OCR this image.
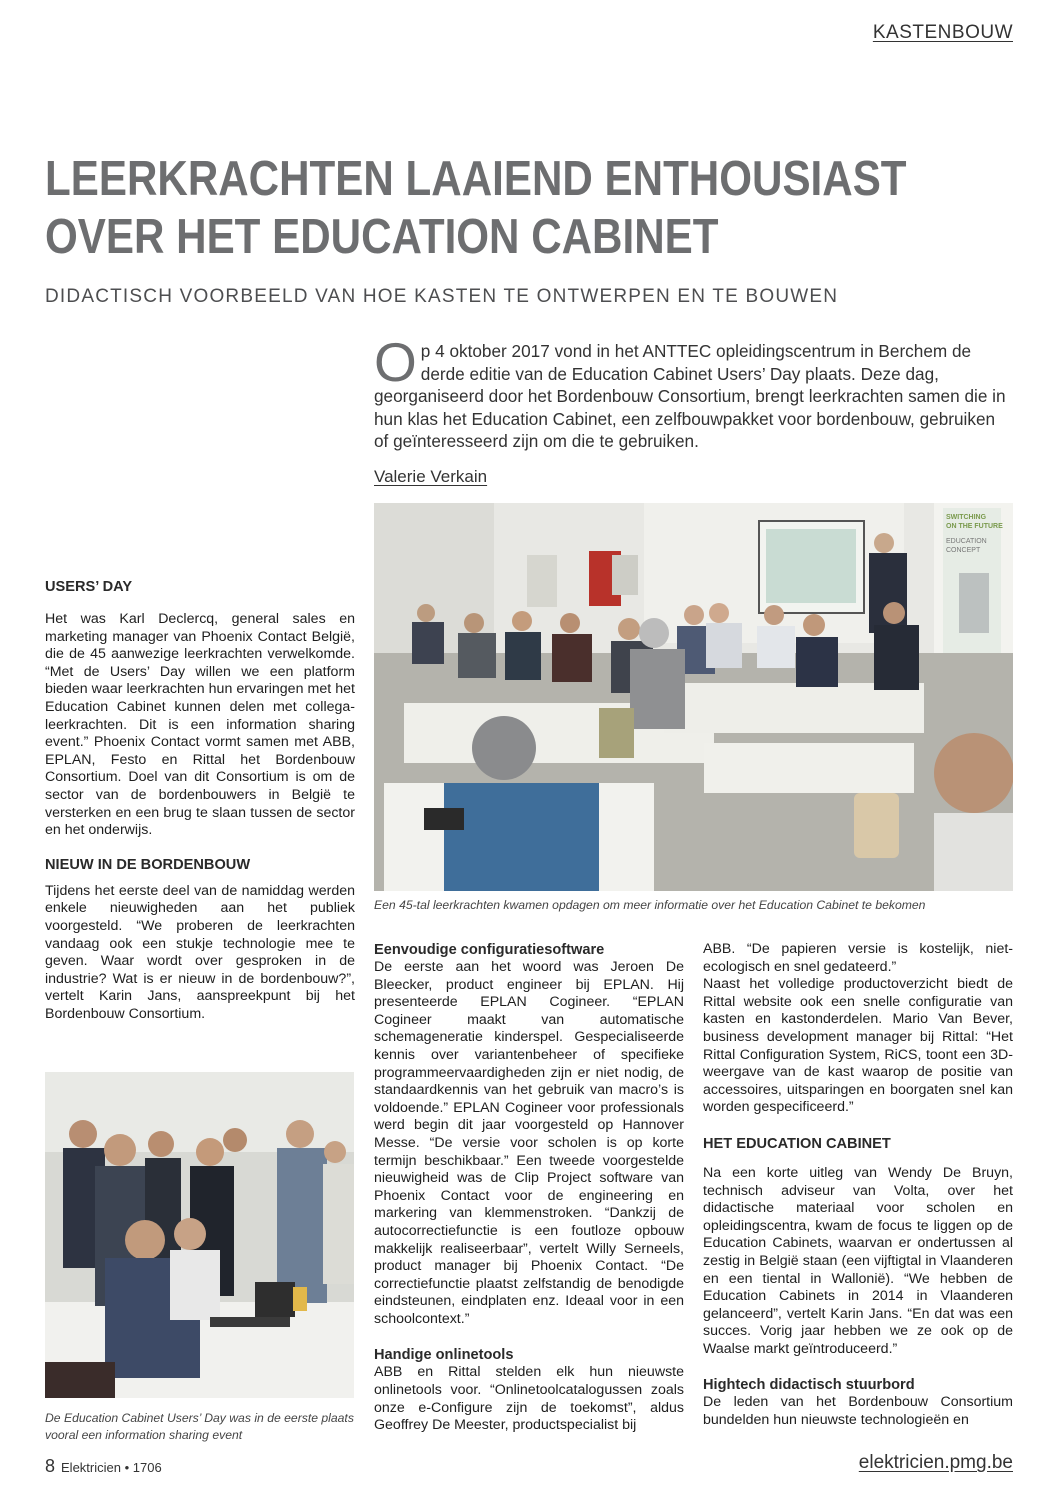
KASTENBOUW
LEERKRACHTEN LAAIEND ENTHOUSIAST
OVER HET EDUCATION CABINET
DIDACTISCH VOORBEELD VAN HOE KASTEN TE ONTWERPEN EN TE BOUWEN
Op 4 oktober 2017 vond in het ANTTEC opleidingscentrum in Berchem de derde editie van de Education Cabinet Users’ Day plaats. Deze dag, georganiseerd door het Bordenbouw Consortium, brengt leerkrachten samen die in hun klas het Education Cabinet, een zelfbouwpakket voor bordenbouw, gebruiken of geïnteresseerd zijn om die te gebruiken.
Valerie Verkain
SWITCHING
ON THE FUTURE
EDUCATION
CONCEPT
Een 45-tal leerkrachten kwamen opdagen om meer informatie over het Education Cabinet te bekomen
De Education Cabinet Users’ Day was in de eerste plaats vooral een information sharing event
USERS’ DAY

Het was Karl Declercq, general sales en marketing manager van Phoenix Contact België, die de 45 aanwezige leerkrachten verwelkomde. “Met de Users’ Day willen we een platform bieden waar leerkrachten hun ervaringen met het Education Cabinet kunnen delen met collega-leerkrachten. Dit is een information sharing event.” Phoenix Contact vormt samen met ABB, EPLAN, Festo en Rittal het Bordenbouw Consortium. Doel van dit Consortium is om de sector van de bordenbouwers in België te versterken en een brug te slaan tussen de sector en het onderwijs.

NIEUW IN DE BORDENBOUW

Tijdens het eerste deel van de namiddag werden enkele nieuwigheden aan het publiek voorgesteld. “We proberen de leerkrachten vandaag ook een stukje technologie mee te geven. Waar wordt over gesproken in de industrie? Wat is er nieuw in de bordenbouw?”, vertelt Karin Jans, aanspreekpunt bij het Bordenbouw Consortium.

Eenvoudige configuratiesoftware

De eerste aan het woord was Jeroen De Bleecker, product engineer bij EPLAN. Hij presenteerde EPLAN Cogineer. “EPLAN Cogineer maakt van automatische schemageneratie kinderspel. Gespecialiseerde kennis over variantenbeheer of specifieke programmeervaardigheden zijn er niet nodig, de standaardkennis van het gebruik van macro’s is voldoende.” EPLAN Cogineer voor professionals werd begin dit jaar voorgesteld op Hannover Messe. “De versie voor scholen is op korte termijn beschikbaar.” Een tweede voorgestelde nieuwigheid was de Clip Project software van Phoenix Contact voor de engineering en markering van klemmenstroken. “Dankzij de autocorrectiefunctie is een foutloze opbouw makkelijk realiseerbaar”, vertelt Willy Serneels, product manager bij Phoenix Contact. “De correctiefunctie plaatst zelfstandig de benodigde eindsteunen, eindplaten enz. Ideaal voor in een schoolcontext.”

Handige onlinetools

ABB en Rittal stelden elk hun nieuwste onlinetools voor. “Onlinetoolcatalogussen zoals onze e-Configure zijn de toekomst”, aldus Geoffrey De Meester, productspecialist bij

ABB. “De papieren versie is kostelijk, niet-ecologisch en snel gedateerd.”

Naast het volledige productoverzicht biedt de Rittal website ook een snelle configuratie van kasten en kastonderdelen. Mario Van Bever, business development manager bij Rittal: “Het Rittal Configuration System, RiCS, toont een 3D-weergave van de kast waarop de positie van accessoires, uitsparingen en boorgaten snel kan worden gespecificeerd.”

HET EDUCATION CABINET

Na een korte uitleg van Wendy De Bruyn, technisch adviseur van Volta, over het didactische materiaal voor scholen en opleidingscentra, kwam de focus te liggen op de Education Cabinets, waarvan er ondertussen al zestig in België staan (een vijftigtal in Vlaanderen en een tiental in Wallonië). “We hebben de Education Cabinets in 2014 in Vlaanderen gelanceerd”, vertelt Karin Jans. “En dat was een succes. Vorig jaar hebben we ze ook op de Waalse markt geïntroduceerd.”

Hightech didactisch stuurbord

De leden van het Bordenbouw Consortium bundelden hun nieuwste technologieën en

8 Elektricien • 1706	elektricien.pmg.be
